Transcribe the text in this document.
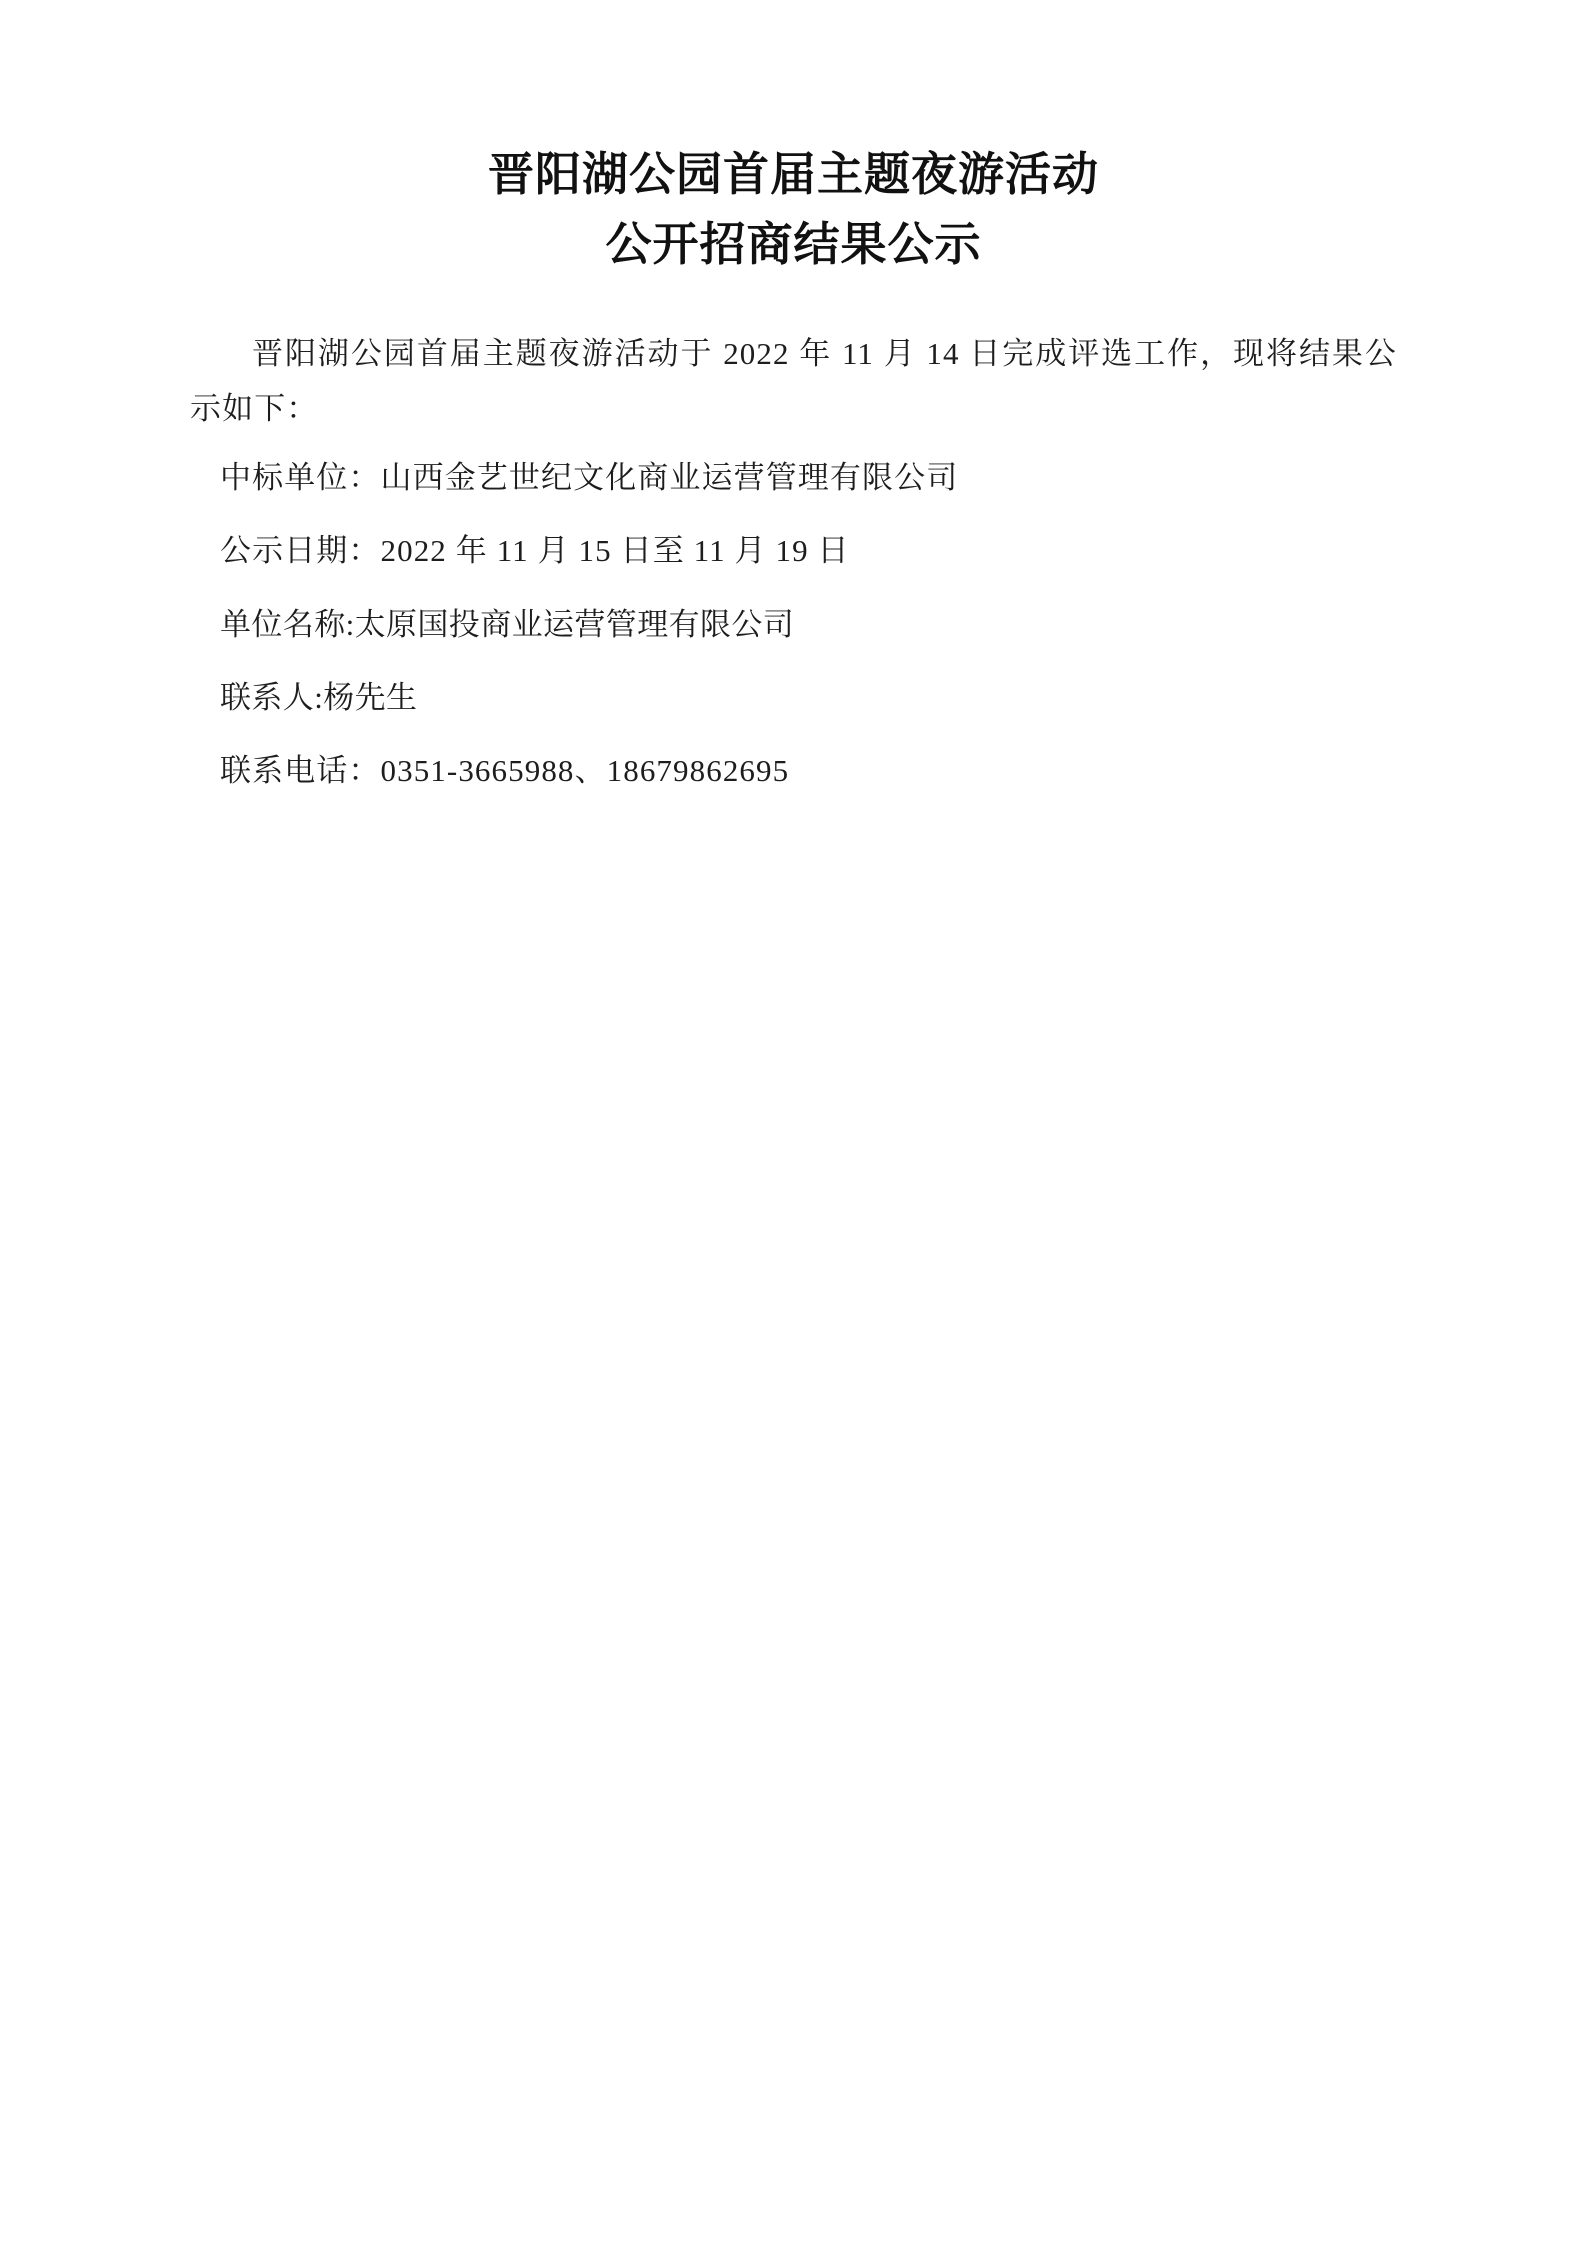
晋阳湖公园首届主题夜游活动
公开招商结果公示

晋阳湖公园首届主题夜游活动于 2022 年 11 月 14 日完成评选工作，现将结果公示如下：

中标单位：山西金艺世纪文化商业运营管理有限公司

公示日期：2022 年 11 月 15 日至 11 月 19 日

单位名称:太原国投商业运营管理有限公司

联系人:杨先生

联系电话：0351-3665988、18679862695
